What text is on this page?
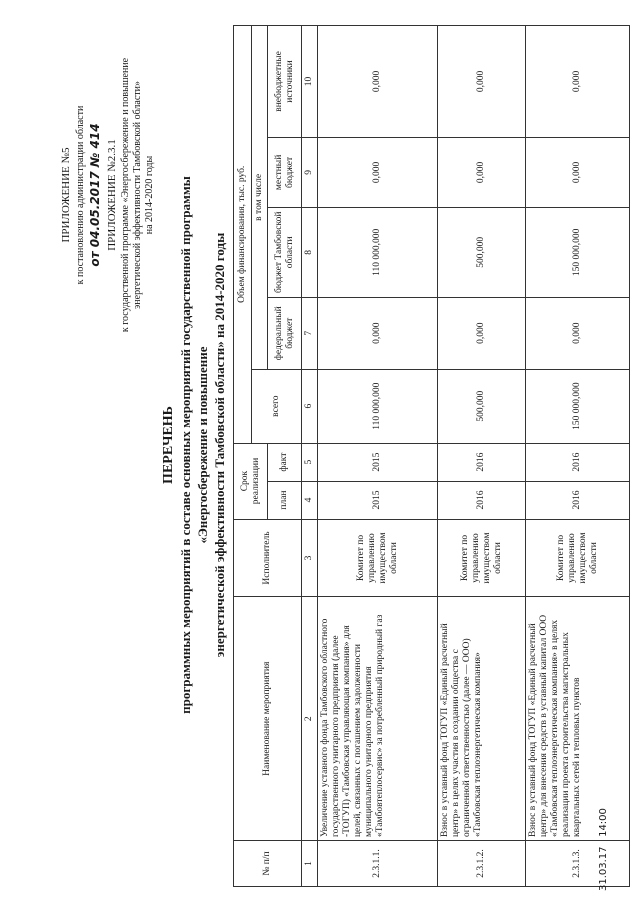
ПРИЛОЖЕНИЕ №5 к постановлению администрации области от 04.05.2017 № 414 ПРИЛОЖЕНИЕ №2.3.1 к государственной программе «Энергосбережение и повышение энергетической эффективности Тамбовской области» на 2014-2020 годы
ПЕРЕЧЕНЬ программных мероприятий в составе основных мероприятий государственной программы «Энергосбережение и повышение энергетической эффективности Тамбовской области» на 2014-2020 годы
№ п/п	Наименование мероприятия	Исполнитель	Срок реализации		Объем финансирования, тыс. руб.				
					всего	в том числе			
			план	факт		федеральный бюджет	бюджет Тамбовской области	местный бюджет	внебюджетные источники
1	2	3	4	5	6	7	8	9	10
2.3.1.1.	Увеличение уставного фонда Тамбовского областного государственного унитарного предприятия (далее -ТОГУП) «Тамбовская управляющая компания» для целей, связанных с погашением задолженности муниципального унитарного предприятия «Тамбовтеплосервис» за потребленный природный газ	Комитет по управлению имуществом области	2015	2015	110 000,000	0,000	110 000,000	0,000	0,000
2.3.1.2.	Взнос в уставный фонд ТОГУП «Единый расчетный центр» в целях участия в создании общества с ограниченной ответственностью (далее — ООО) «Тамбовская теплоэнергетическая компания»	Комитет по управлению имуществом области	2016	2016	500,000	0,000	500,000	0,000	0,000
2.3.1.3.	Взнос в уставный фонд ТОГУП «Единый расчетный центр» для внесения средств в уставный капитал ООО «Тамбовская теплоэнергетическая компания» в целях реализации проекта строительства магистральных квартальных сетей и тепловых пунктов	Комитет по управлению имуществом области	2016	2016	150 000,000	0,000	150 000,000	0,000	0,000
31.03.17   14:00
